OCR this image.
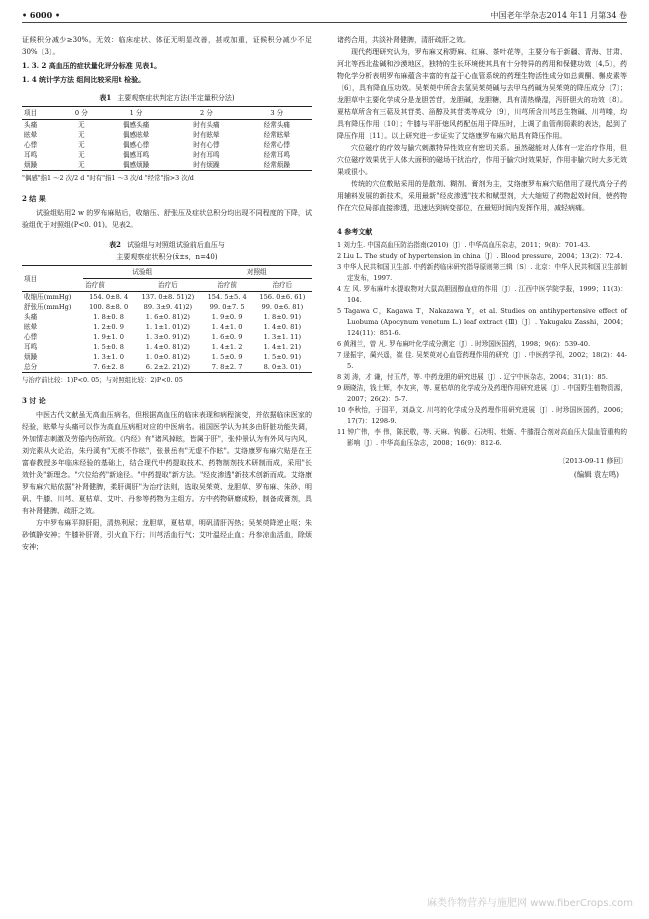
• 6000 •	中国老年学杂志2014 年11 月第34 卷

证候积分减少≥30%。无效：临床症状、体征无明显改善，甚或加重，证候积分减少不足30%〔3〕。

1. 3. 2 高血压的症状量化评分标准 见表1。

1. 4 统计学方法 组间比较采用t 检验。

表1 主要观察症状判定方法(半定量积分法)
项目	0 分	1 分	2 分	3 分
头痛	无	偶感头痛	时有头痛	经常头痛
眩晕	无	偶感眩晕	时有眩晕	经常眩晕
心悸	无	偶感心悸	时有心悸	经常心悸
耳鸣	无	偶感耳鸣	时有耳鸣	经常耳鸣
烦躁	无	偶感烦躁	时有烦躁	经常烦躁
"偶感"指1 ～2 次/2 d "时有"指1 ～3 次/d "经常"指>3 次/d

2 结 果

试验组贴用2 w 的罗布麻贴后，收缩压、舒张压及症状总积分均出现不同程度的下降，试验组优于对照组(P<0. 01)。见表2。

表2 试验组与对照组试验前后血压与
主要观察症状积分(x̄±s，n=40)
项目	试验组		对照组	
	治疗前	治疗后	治疗前	治疗后
收缩压(mmHg)	154. 0±8. 4	137. 0±8. 51)2)	154. 5±5. 4	156. 0±6. 61)
舒张压(mmHg)	100. 8±8. 0	89. 3±9. 41)2)	99. 0±7. 5	99. 0±6. 81)
头痛	1. 8±0. 8	1. 6±0. 81)2)	1. 9±0. 9	1. 8±0. 91)
眩晕	1. 2±0. 9	1. 1±1. 01)2)	1. 4±1. 0	1. 4±0. 81)
心悸	1. 9±1. 0	1. 3±0. 91)2)	1. 6±0. 9	1. 3±1. 11)
耳鸣	1. 5±0. 8	1. 4±0. 81)2)	1. 4±1. 2	1. 4±1. 21)
烦躁	1. 3±1. 0	1. 0±0. 81)2)	1. 5±0. 9	1. 5±0. 91)
总分	7. 6±2. 8	6. 2±2. 21)2)	7. 8±2. 7	8. 0±3. 01)
与治疗前比较：1)P<0. 05；与对照组比较：2)P<0. 05

3 讨 论

中医古代文献虽无高血压病名，但根据高血压的临床表现和病程演变，并依据临床医家的经验，眩晕与头痛可以作为高血压病相对应的中医病名。祖国医学认为其多由肝脏功能失调，外加情志刺激及劳倦内伤所致。《内经》有"诸风掉眩，皆属于肝"，张仲景认为有外风与内风，刘完素从火论治，朱丹溪有"无痰不作眩"，张景岳有"无虚不作眩"。艾络康罗布麻穴贴是在王富春教授多年临床经验的基础上，结合现代中药提取技术、药物制剂技术研制而成，采用"长效针灸"新理念。"穴位给药"新途径。"中药提取"新方法。"经皮渗透"新技术创新而成。艾络康罗布麻穴贴依据"补肾健脾，柔肝调肝"为治疗法则，选取吴茱萸、龙胆草、罗布麻、朱砂、明矾、牛膝、川芎、夏枯草、艾叶、丹参等药物为主组方。方中药物研磨成粉，制备成膏剂，具有补肾健脾、疏肝之效。

方中罗布麻平抑肝阳，清热利尿；龙胆草，夏枯草，明矾清肝泻热；吴茱萸降逆止呕；朱砂镇静安神；牛膝补肝肾，引火血下行；川芎活血行气；艾叶温经止血；丹参凉血活血，除烦安神；

诸药合用，共淡补肾健脾，清肝疏肝之效。

现代药理研究认为，罗布麻又称野麻、红麻、茶叶花等，主要分布于新疆、青海、甘肃、河北等西北盐碱和沙漠地区，独特的生长环境使其具有十分特异的药用和保健功效〔4,5〕，药物化学分析表明罗布麻蕴含丰富的有益于心血管系统的药理生物活性成分如总黄酮、槲皮素等〔6〕，具有降血压功效。吴茱萸中所含去氢吴茱萸碱与去甲乌药碱为吴茱萸的降压成分〔7〕；龙胆草中主要化学成分是龙胆苦苷，龙胆碱，龙胆糖，具有清热燥湿，泻肝胆火的功效〔8〕。夏枯草所含有三萜及其苷类、甾醇及其苷类等成分〔9〕，川芎所含川芎总生物碱、川芎嗪，均具有降压作用〔10〕；牛膝与平肝熄风药配伍用于降压时，上调了血管削弱素的表达，起到了降压作用〔11〕。以上研究进一步证实了艾络康罗布麻穴贴具有降压作用。

穴位磁疗的疗效与腧穴刺激特异性效应有密切关系。虽然磁能对人体有一定治疗作用，但穴位磁疗效果优于人体大面积的磁场干扰治疗，作用于腧穴时效果好，作用非腧穴时大多无效果或很小。

传统的穴位敷贴采用的是散剂、糊剂、膏剂为主，艾络康罗布麻穴贴借用了现代高分子药用辅料发展的新技术，采用最新"经皮渗透"技术和赋型剂，大大缩短了药物起效时间，使药物作在穴位局部直接渗透，迅速达到病变部位，在最短时间内发挥作用，减轻病痛。

4 参考文献

1 刘力生. 中国高血压防治指南(2010)〔J〕. 中华高血压杂志，2011；9(8)：701-43.

2 Liu L. The study of hypertension in china〔J〕. Blood pressure，2004；13(2)：72-4.

3 中华人民共和国卫生部. 中药新药临床研究指导原则第三辑〔S〕. 北京：中华人民共和国卫生部制定发布，1997.

4 左 风. 罗布麻叶水提取物对大鼠高胆固醇血症的作用〔J〕. 江西中医学院学报，1999；11(3)：104.

5 Tagawa C，Kagawa T，Nakazawa Y，et al. Studies on antihypertensive effect of Luobuma (Apocynum venetum L.) leaf extract (Ⅲ)〔J〕. Yakugaku Zasshi，2004；124(11)：851-6.

6 黄湘兰，曾 凡. 罗布麻叶化学成分测定〔J〕. 时珍国医国药，1998；9(6)：539-40.

7 逯振宇，蔺兴遥，崔 佳. 吴茱萸对心血管药理作用的研究〔J〕. 中医药学刊，2002；18(2)：44-5.

8 刘 涛，才 谦，付玉芹，等. 中药龙胆的研究进展〔J〕. 辽宁中医杂志，2004；31(1)：85.

9 顾晓洁，钱士辉，李友宾，等. 夏枯草的化学成分及药理作用研究进展〔J〕. 中国野生植物资源，2007；26(2)：5-7.

10 李秋怡，于国平，刘焱文. 川芎的化学成分及药理作用研究进展〔J〕. 时珍国医国药，2006；17(7)：1298-9.

11 钟广伟，李 伟，陈民敬，等. 天麻、钩藤、石决明、牡蛎、牛膝混合剂对高血压大鼠血管重构的影响〔J〕. 中华高血压杂志，2008；16(9)：812-6.

〔2013-09-11 修回〕
(编辑 袁左鸣)
麻类作物营养与施肥网 www.fiberCrops.com
